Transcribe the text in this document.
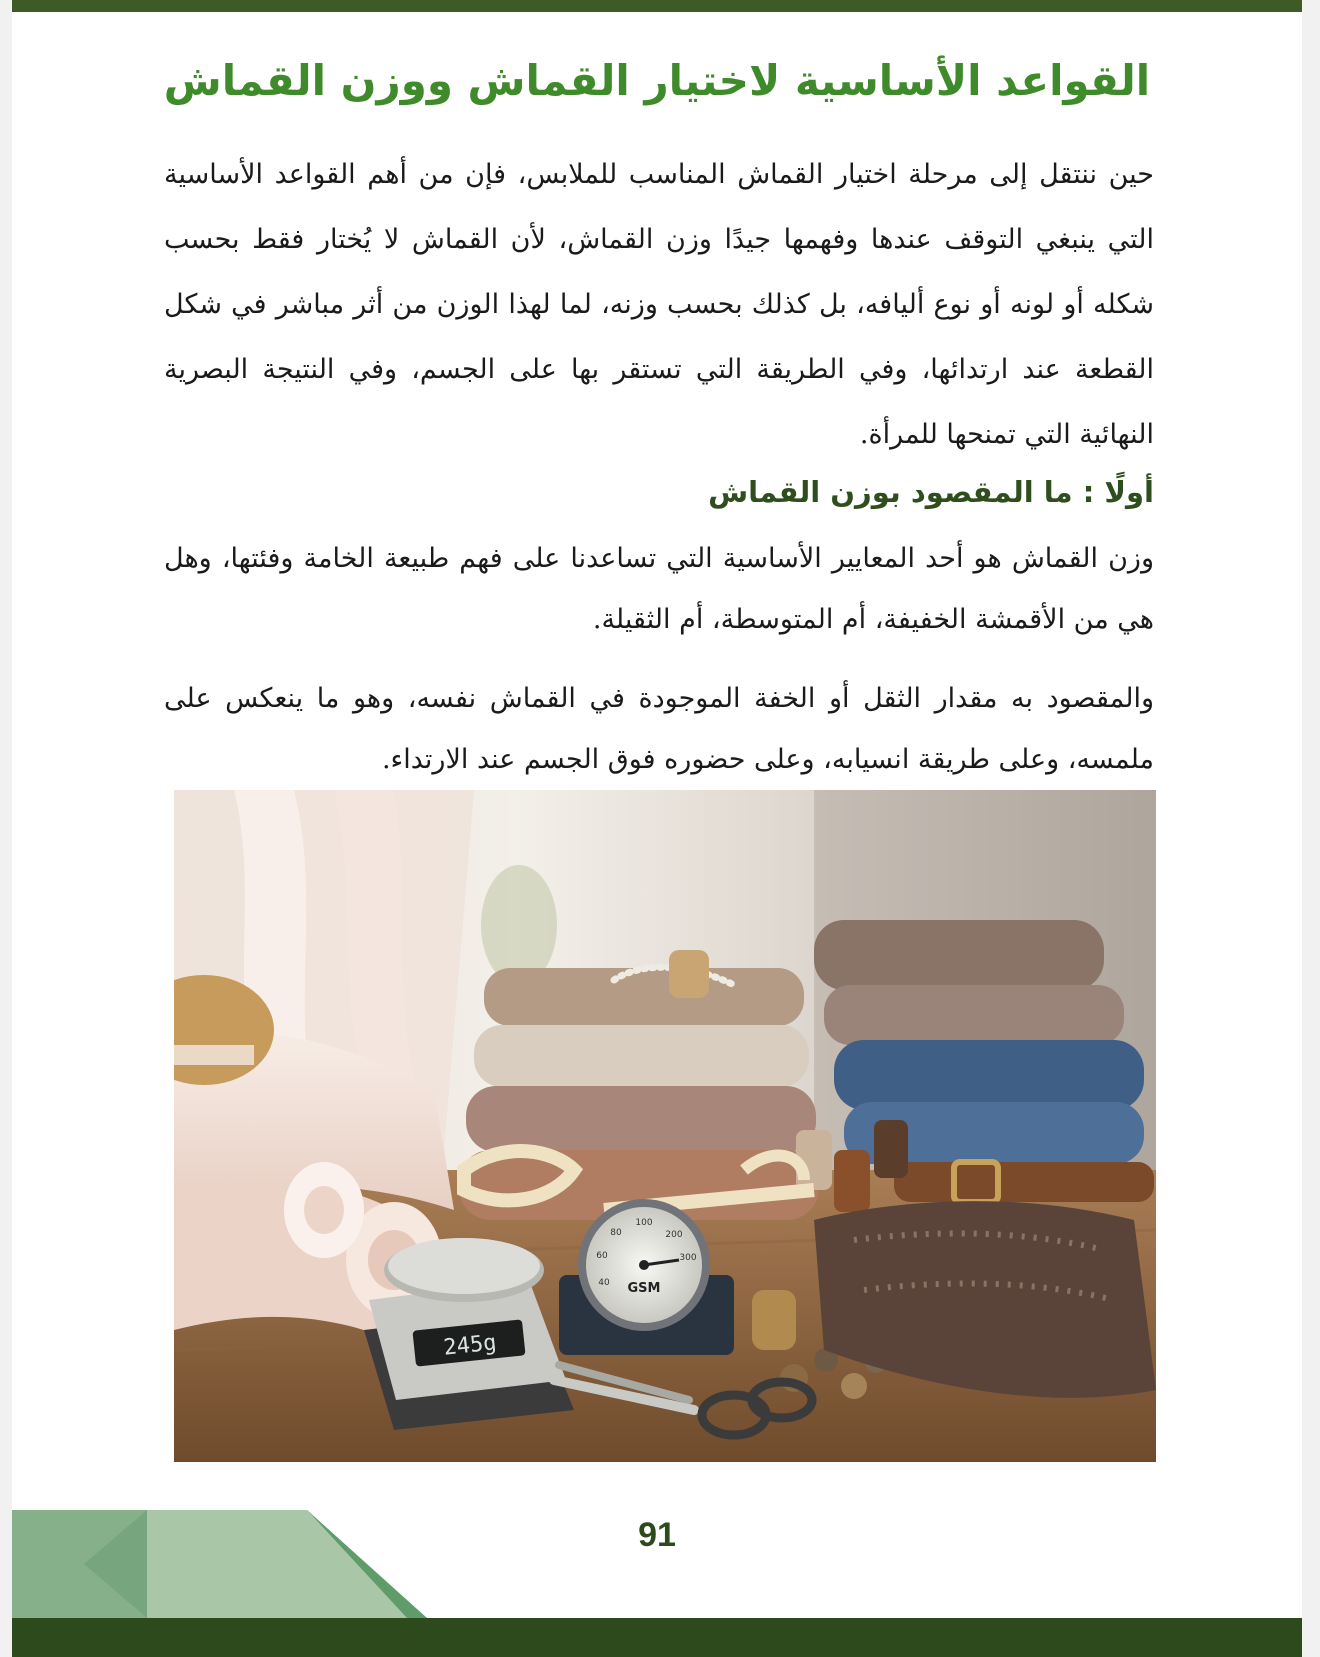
القواعد الأساسية لاختيار القماش ووزن القماش

حين ننتقل إلى مرحلة اختيار القماش المناسب للملابس، فإن من أهم القواعد الأساسية التي ينبغي التوقف عندها وفهمها جيدًا وزن القماش، لأن القماش لا يُختار فقط بحسب شكله أو لونه أو نوع أليافه، بل كذلك بحسب وزنه، لما لهذا الوزن من أثر مباشر في شكل القطعة عند ارتدائها، وفي الطريقة التي تستقر بها على الجسم، وفي النتيجة البصرية النهائية التي تمنحها للمرأة.

أولًا : ما المقصود بوزن القماش

وزن القماش هو أحد المعايير الأساسية التي تساعدنا على فهم طبيعة الخامة وفئتها، وهل هي من الأقمشة الخفيفة، أم المتوسطة، أم الثقيلة.

والمقصود به مقدار الثقل أو الخفة الموجودة في القماش نفسه، وهو ما ينعكس على ملمسه، وعلى طريقة انسيابه، وعلى حضوره فوق الجسم عند الارتداء.

245g
40
60
80
100
200
300
GSM
91
